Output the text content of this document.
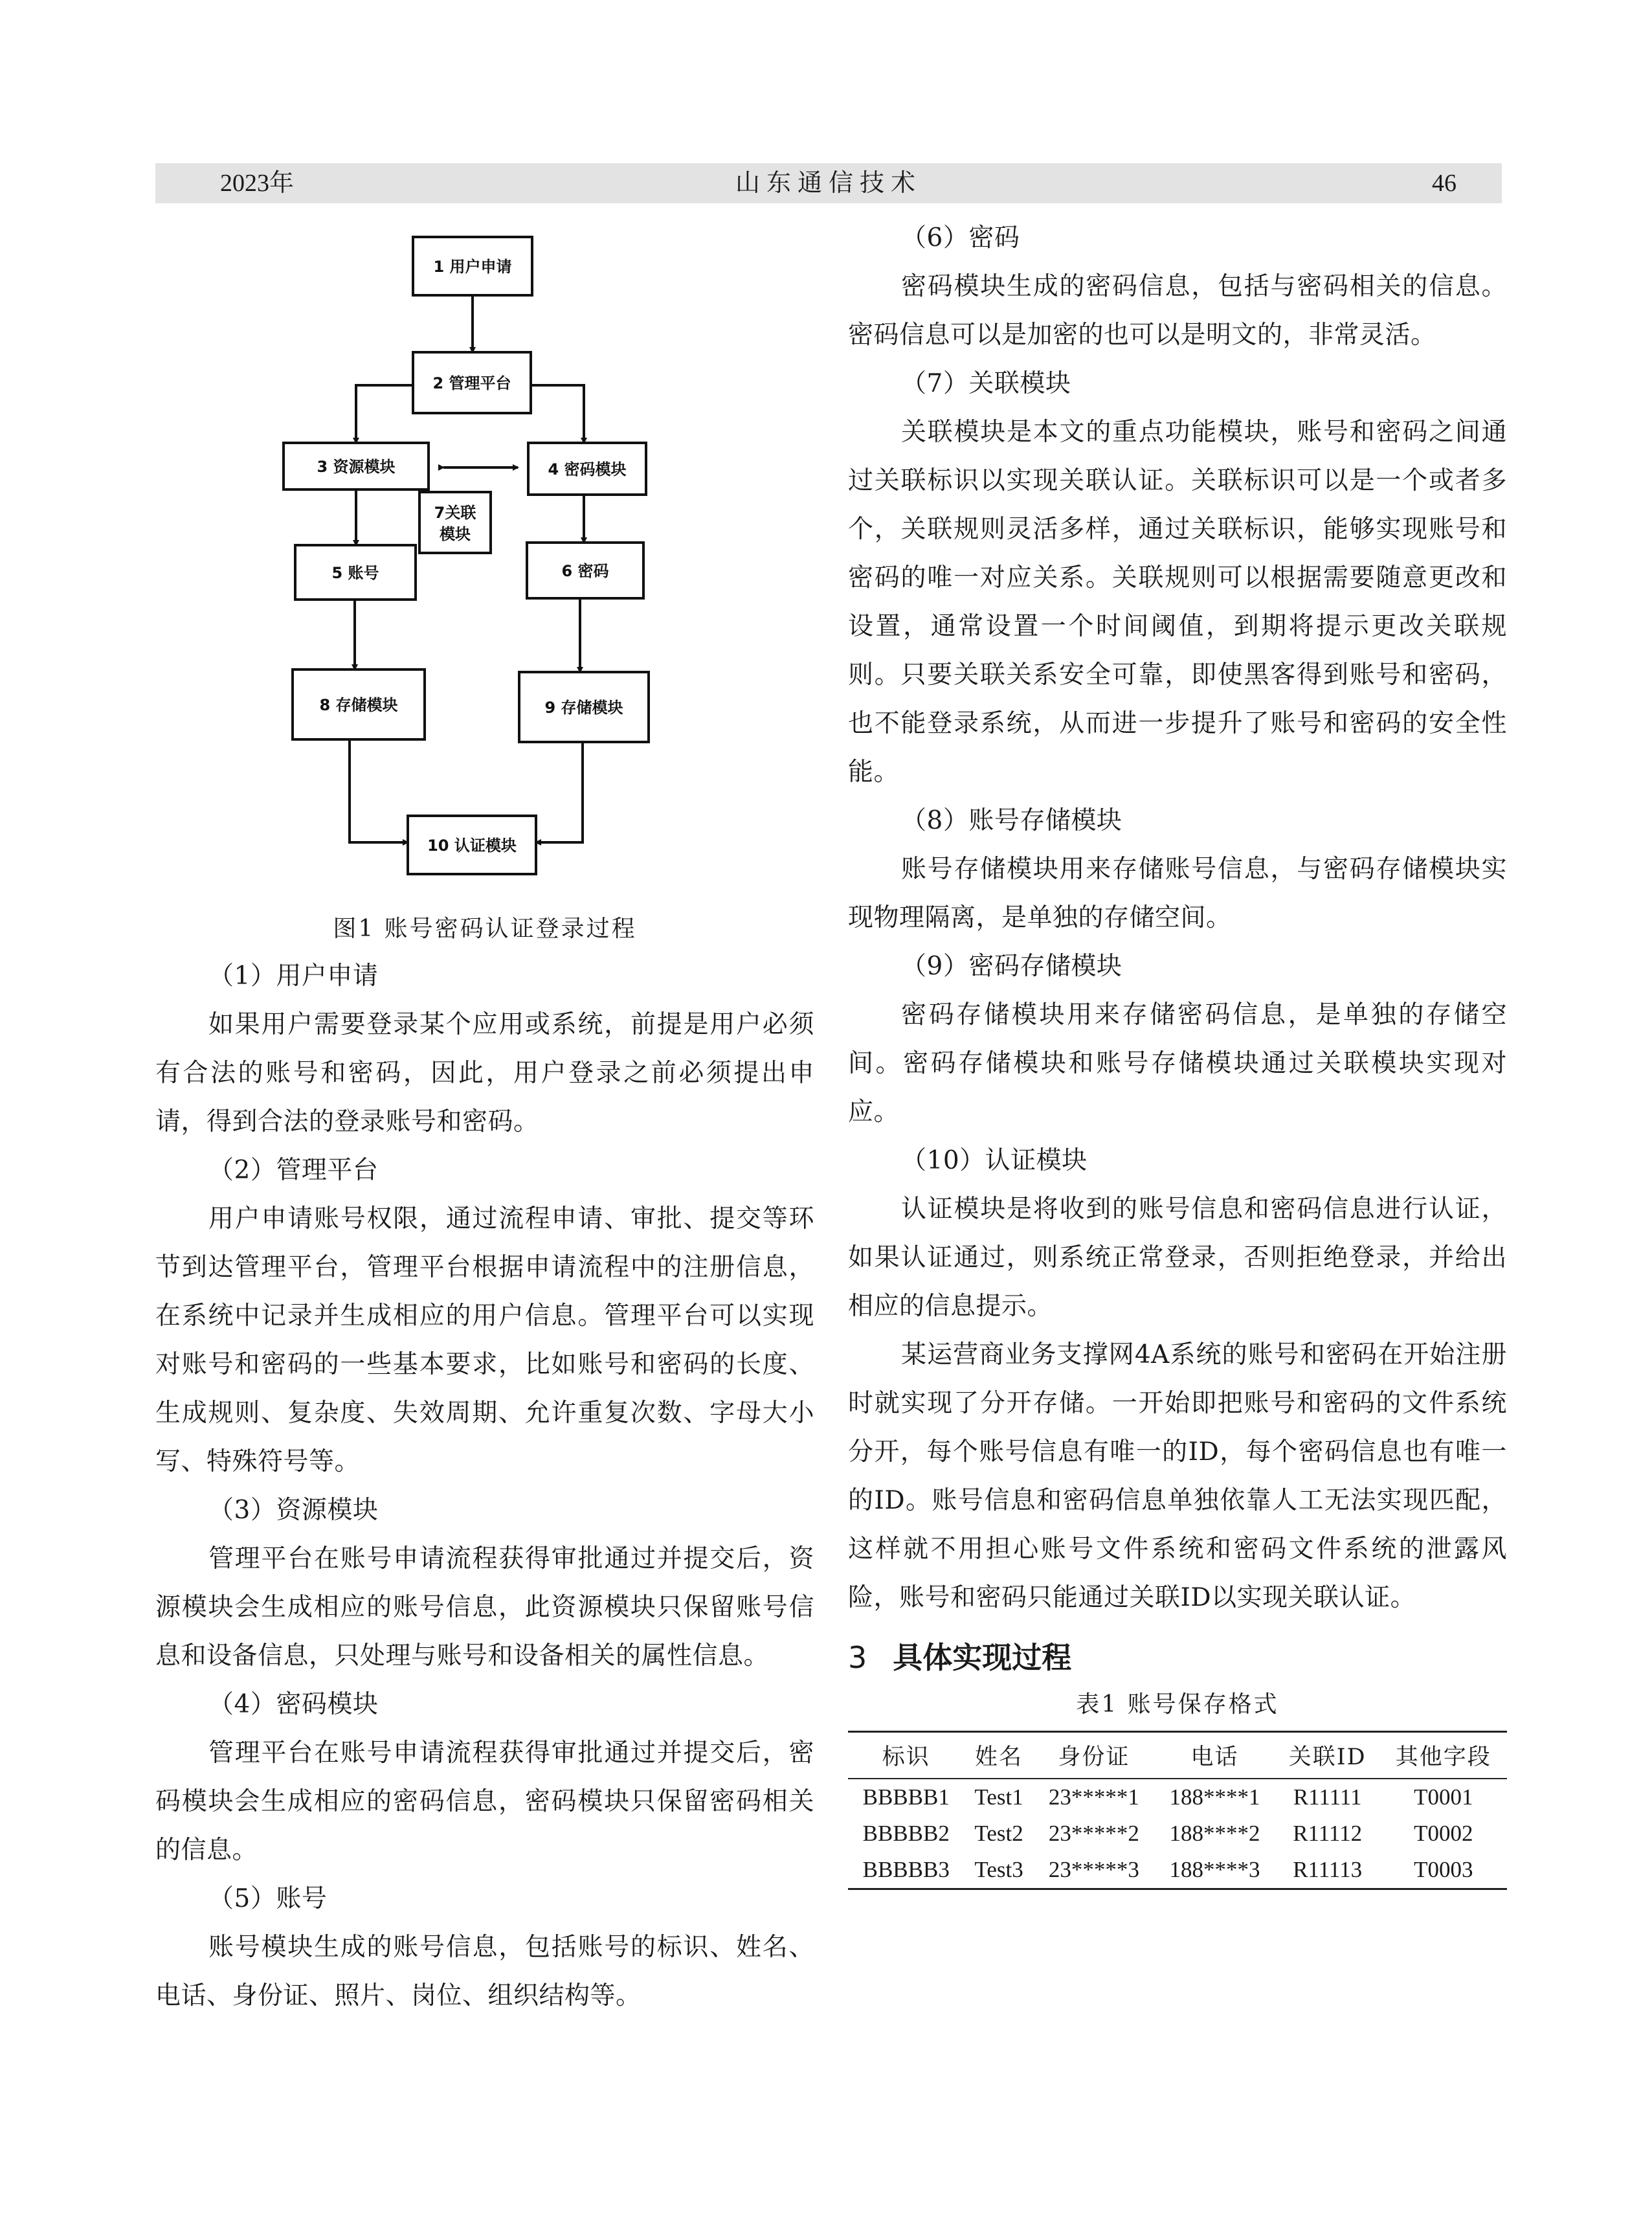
2023年	山东通信技术	46
1 用户申请
2 管理平台
3 资源模块	4 密码模块
7关联
模块
5 账号	6 密码
8 存储模块	9 存储模块
10 认证模块
图1 账号密码认证登录过程

（1）用户申请

如果用户需要登录某个应用或系统，前提是用户必须有合法的账号和密码，因此，用户登录之前必须提出申请，得到合法的登录账号和密码。

（2）管理平台

用户申请账号权限，通过流程申请、审批、提交等环节到达管理平台，管理平台根据申请流程中的注册信息，在系统中记录并生成相应的用户信息。管理平台可以实现对账号和密码的一些基本要求，比如账号和密码的长度、生成规则、复杂度、失效周期、允许重复次数、字母大小写、特殊符号等。

（3）资源模块

管理平台在账号申请流程获得审批通过并提交后，资源模块会生成相应的账号信息，此资源模块只保留账号信息和设备信息，只处理与账号和设备相关的属性信息。

（4）密码模块

管理平台在账号申请流程获得审批通过并提交后，密码模块会生成相应的密码信息，密码模块只保留密码相关的信息。

（5）账号

账号模块生成的账号信息，包括账号的标识、姓名、电话、身份证、照片、岗位、组织结构等。

（6）密码

密码模块生成的密码信息，包括与密码相关的信息。密码信息可以是加密的也可以是明文的，非常灵活。

（7）关联模块

关联模块是本文的重点功能模块，账号和密码之间通过关联标识以实现关联认证。关联标识可以是一个或者多个，关联规则灵活多样，通过关联标识，能够实现账号和密码的唯一对应关系。关联规则可以根据需要随意更改和设置，通常设置一个时间阈值，到期将提示更改关联规则。只要关联关系安全可靠，即使黑客得到账号和密码，也不能登录系统，从而进一步提升了账号和密码的安全性能。

（8）账号存储模块

账号存储模块用来存储账号信息，与密码存储模块实现物理隔离，是单独的存储空间。

（9）密码存储模块

密码存储模块用来存储密码信息，是单独的存储空间。密码存储模块和账号存储模块通过关联模块实现对应。

（10）认证模块

认证模块是将收到的账号信息和密码信息进行认证，如果认证通过，则系统正常登录，否则拒绝登录，并给出相应的信息提示。

某运营商业务支撑网4A系统的账号和密码在开始注册时就实现了分开存储。一开始即把账号和密码的文件系统分开，每个账号信息有唯一的ID，每个密码信息也有唯一的ID。账号信息和密码信息单独依靠人工无法实现匹配，这样就不用担心账号文件系统和密码文件系统的泄露风险，账号和密码只能通过关联ID以实现关联认证。

3 具体实现过程
表1 账号保存格式
标识	姓名	身份证	电话	关联ID	其他字段
BBBBB1	Test1	23*****1	188****1	R11111	T0001
BBBBB2	Test2	23*****2	188****2	R11112	T0002
BBBBB3	Test3	23*****3	188****3	R11113	T0003
